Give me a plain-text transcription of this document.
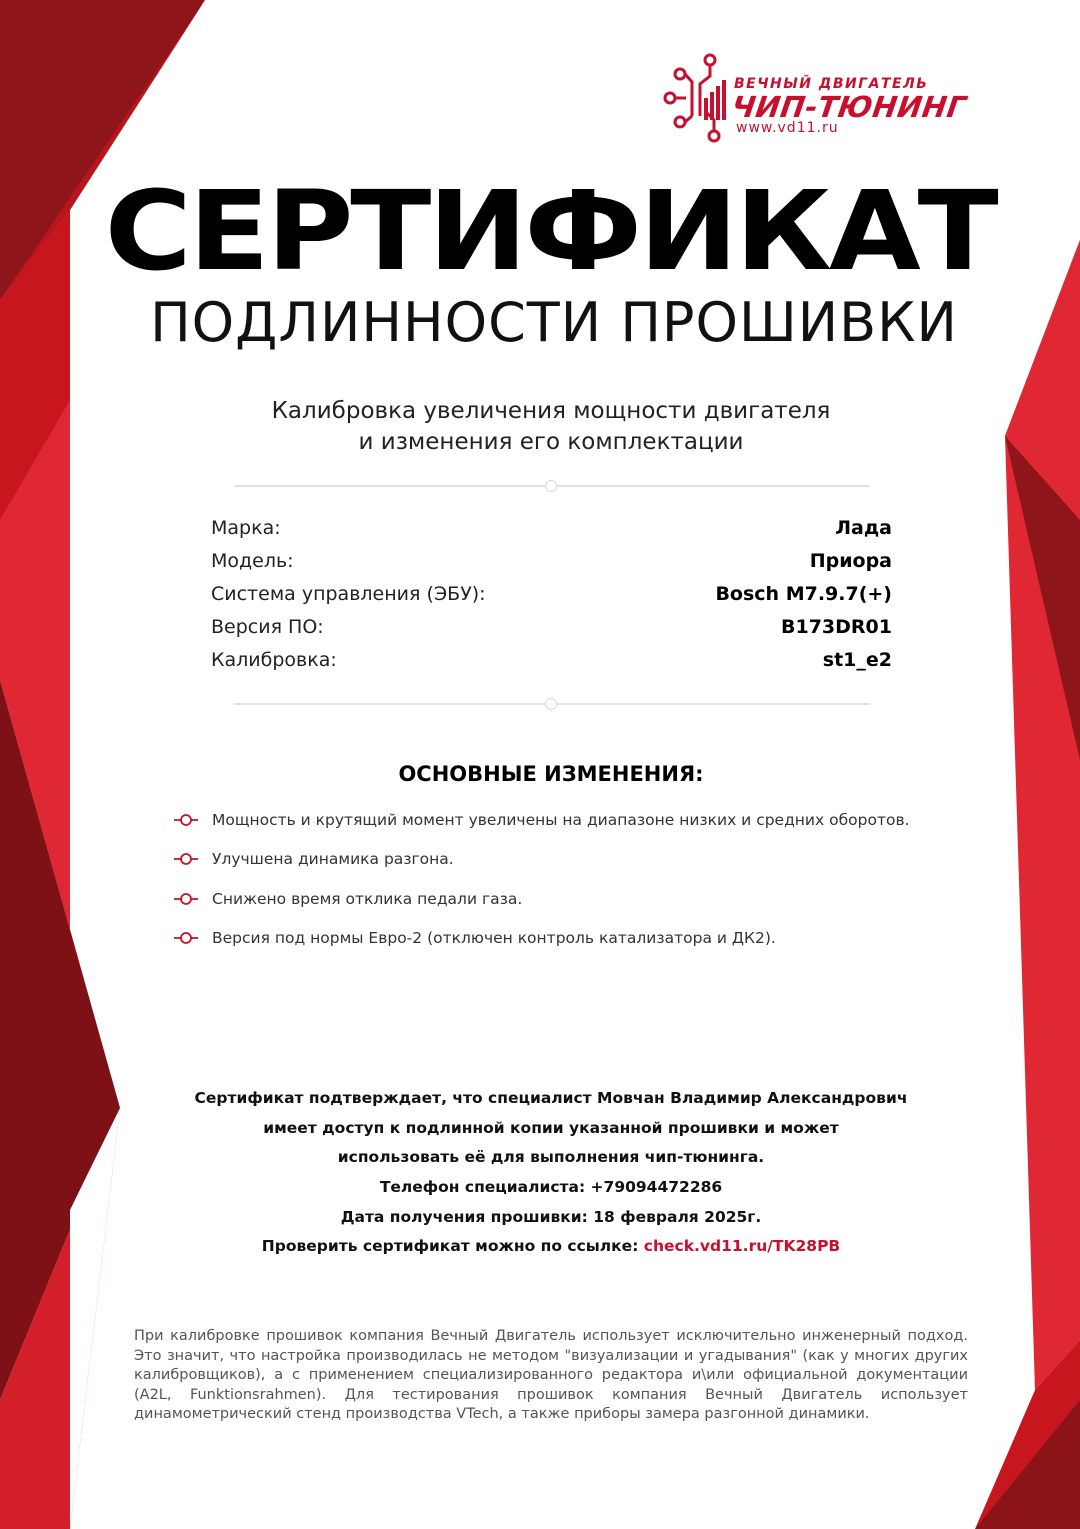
ВЕЧНЫЙ ДВИГАТЕЛЬ
ЧИП-ТЮНИНГ
www.vd11.ru
СЕРТИФИКАТ
ПОДЛИННОСТИ ПРОШИВКИ
Калибровка увеличения мощности двигателя
и изменения его комплектации
Марка:	Лада
Модель:	Приора
Система управления (ЭБУ):	Bosch M7.9.7(+)
Версия ПО:	B173DR01
Калибровка:	st1_e2
ОСНОВНЫЕ ИЗМЕНЕНИЯ:
Мощность и крутящий момент увеличены на диапазоне низких и средних оборотов.
Улучшена динамика разгона.
Снижено время отклика педали газа.
Версия под нормы Евро-2 (отключен контроль катализатора и ДК2).
Сертификат подтверждает, что специалист Мовчан Владимир Александрович
имеет доступ к подлинной копии указанной прошивки и может
использовать её для выполнения чип-тюнинга.
Телефон специалиста: +79094472286
Дата получения прошивки: 18 февраля 2025г.
Проверить сертификат можно по ссылке: check.vd11.ru/TK28PB
При калибровке прошивок компания Вечный Двигатель использует исключительно инженерный подход. Это значит, что настройка производилась не методом "визуализации и угадывания" (как у многих других калибровщиков), а с применением специализированного редактора и\или официальной документации (A2L, Funktionsrahmen). Для тестирования прошивок компания Вечный Двигатель использует динамометрический стенд производства VTech, а также приборы замера разгонной динамики.
